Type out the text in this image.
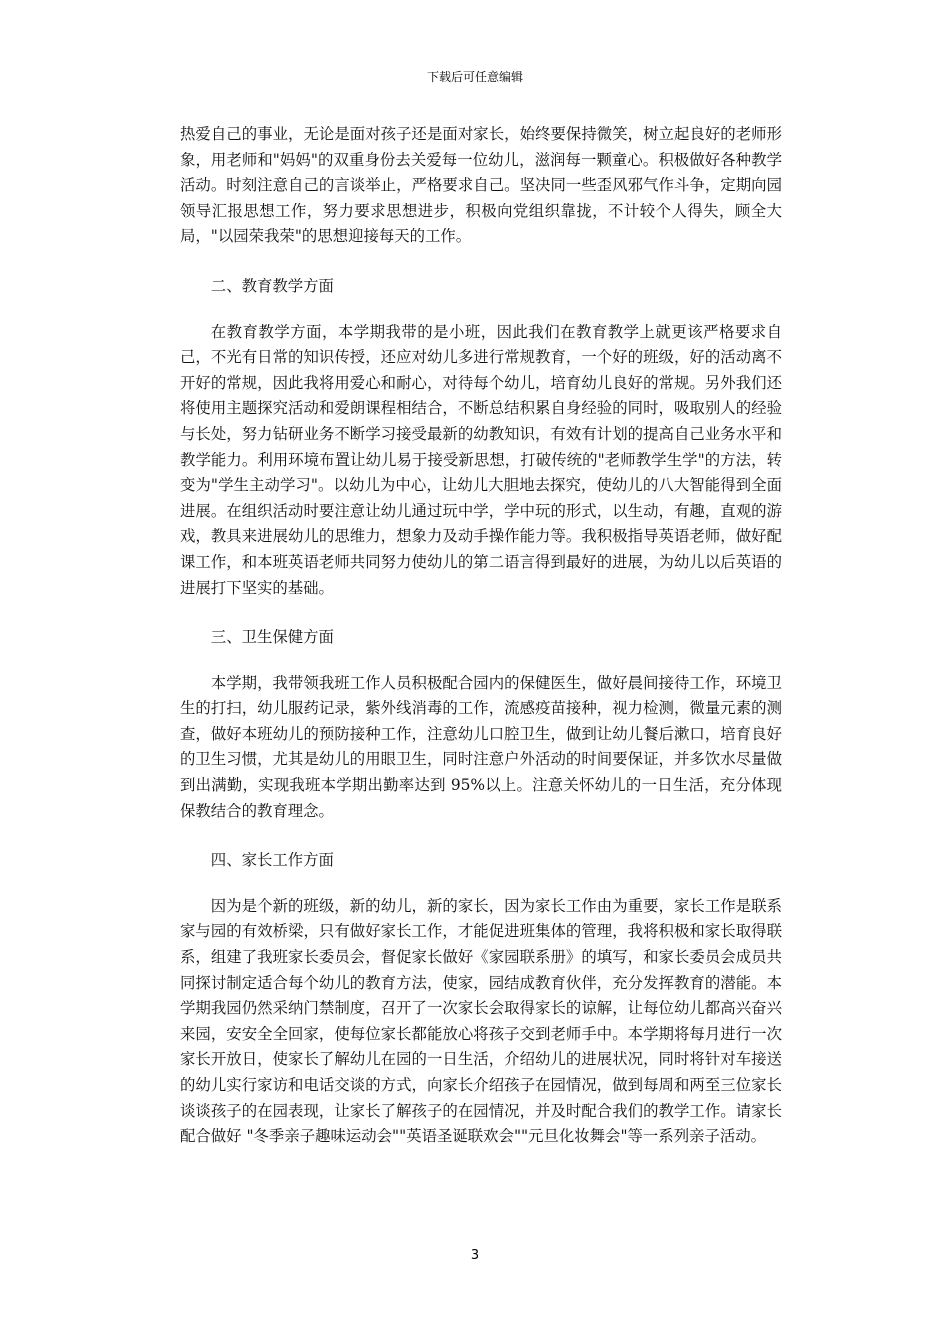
下载后可任意编辑

热爱自己的事业，无论是面对孩子还是面对家长，始终要保持微笑，树立起良好的老师形象，用老师和"妈妈"的双重身份去关爱每一位幼儿，滋润每一颗童心。积极做好各种教学活动。时刻注意自己的言谈举止，严格要求自己。坚决同一些歪风邪气作斗争，定期向园领导汇报思想工作，努力要求思想进步，积极向党组织靠拢，不计较个人得失，顾全大局，"以园荣我荣"的思想迎接每天的工作。

二、教育教学方面

在教育教学方面，本学期我带的是小班，因此我们在教育教学上就更该严格要求自己，不光有日常的知识传授，还应对幼儿多进行常规教育，一个好的班级，好的活动离不开好的常规，因此我将用爱心和耐心，对待每个幼儿，培育幼儿良好的常规。另外我们还将使用主题探究活动和爱朗课程相结合，不断总结积累自身经验的同时，吸取别人的经验与长处，努力钻研业务不断学习接受最新的幼教知识，有效有计划的提高自己业务水平和教学能力。利用环境布置让幼儿易于接受新思想，打破传统的"老师教学生学"的方法，转变为"学生主动学习"。以幼儿为中心，让幼儿大胆地去探究，使幼儿的八大智能得到全面进展。在组织活动时要注意让幼儿通过玩中学，学中玩的形式，以生动，有趣，直观的游戏，教具来进展幼儿的思维力，想象力及动手操作能力等。我积极指导英语老师，做好配课工作，和本班英语老师共同努力使幼儿的第二语言得到最好的进展，为幼儿以后英语的进展打下坚实的基础。

三、卫生保健方面

本学期，我带领我班工作人员积极配合园内的保健医生，做好晨间接待工作，环境卫生的打扫，幼儿服药记录，紫外线消毒的工作，流感疫苗接种，视力检测，微量元素的测查，做好本班幼儿的预防接种工作，注意幼儿口腔卫生，做到让幼儿餐后漱口，培育良好的卫生习惯，尤其是幼儿的用眼卫生，同时注意户外活动的时间要保证，并多饮水尽量做到出满勤，实现我班本学期出勤率达到 95%以上。注意关怀幼儿的一日生活，充分体现保教结合的教育理念。

四、家长工作方面

因为是个新的班级，新的幼儿，新的家长，因为家长工作由为重要，家长工作是联系家与园的有效桥梁，只有做好家长工作，才能促进班集体的管理，我将积极和家长取得联系，组建了我班家长委员会，督促家长做好《家园联系册》的填写，和家长委员会成员共同探讨制定适合每个幼儿的教育方法，使家，园结成教育伙伴，充分发挥教育的潜能。本学期我园仍然采纳门禁制度，召开了一次家长会取得家长的谅解，让每位幼儿都高兴奋兴来园，安安全全回家，使每位家长都能放心将孩子交到老师手中。本学期将每月进行一次家长开放日，使家长了解幼儿在园的一日生活，介绍幼儿的进展状况，同时将针对车接送的幼儿实行家访和电话交谈的方式，向家长介绍孩子在园情况，做到每周和两至三位家长谈谈孩子的在园表现，让家长了解孩子的在园情况，并及时配合我们的教学工作。请家长配合做好 "冬季亲子趣味运动会""英语圣诞联欢会""元旦化妆舞会"等一系列亲子活动。

3
